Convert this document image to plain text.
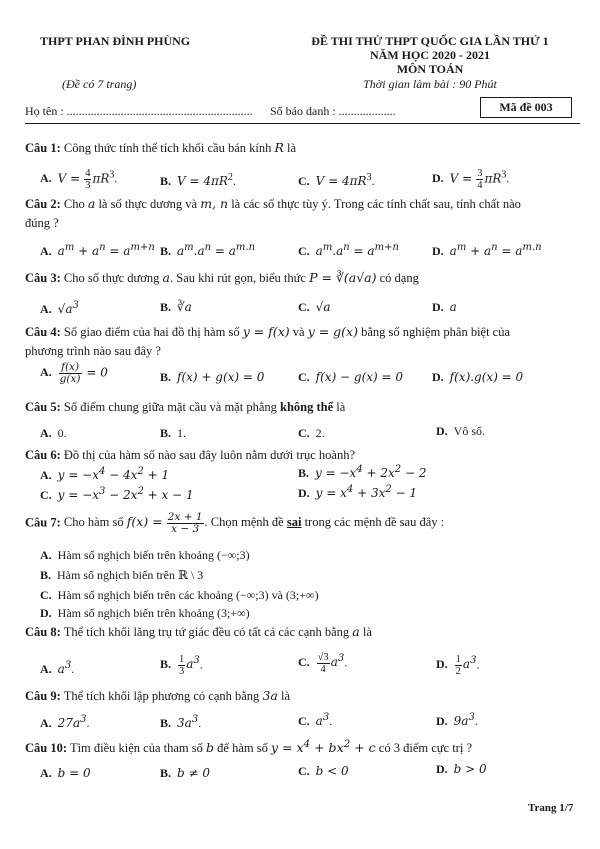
THPT PHAN ĐÌNH PHÙNG	ĐỀ THI THỬ THPT QUỐC GIA LẦN THỨ 1
NĂM HỌC 2020 - 2021
MÔN TOÁN
(Đề có 7 trang)	Thời gian làm bài : 90 Phút
Họ tên : .............................................................. Số báo danh : ...................	Mã đề 003
Câu 1: Công thức tính thể tích khối cầu bán kính R là
A. $V = \frac{4}{3} \pi R^3$.	B. $V = 4\pi R^2$.	C. $V = 4\pi R^3$.	D. $V = \frac{3}{4} \pi R^3$.
Câu 2: Cho a là số thực dương và m, n là các số thực tùy ý. Trong các tính chất sau, tính chất nào
đúng ?
A. $a^m + a^n = a^{m+n}$ B. $a^m.a^n = a^{m.n}$	C. $a^m.a^n = a^{m+n}$	D. $a^m + a^n = a^{m.n}$
Câu 3: Cho số thực dương a. Sau khi rút gọn, biểu thức P = ∛(a√a) có dạng
A. $√a^3$	B. ∛a	C. √a	D. a
Câu 4: Số giao điểm của hai đồ thị hàm số y = f(x) và y = g(x) bằng số nghiệm phân biệt của
phương trình nào sau đây ?
A. $\frac{f(x)}{g(x)} = 0$	B. f(x) + g(x) = 0	C. f(x) − g(x) = 0 D. f(x).g(x) = 0
Câu 5: Số điểm chung giữa mặt cầu và mặt phẳng không thể là
A. 0.	B. 1.	C. 2.	D. Vô số.
Câu 6: Đồ thị của hàm số nào sau đây luôn nằm dưới trục hoành?
A. $y = -x^4 - 4x^2 + 1$	B. $y = -x^4 + 2x^2 - 2$
C. $y = -x^3 - 2x^2 + x - 1$	D. $y = x^4 + 3x^2 - 1$
Câu 7: Cho hàm số $f(x) = \frac{2x + 1}{x - 3}$ . Chọn mệnh đề sai trong các mệnh đề sau đây :
A. Hàm số nghịch biến trên khoảng (−∞;3)
B. Hàm số nghịch biến trên ℝ \ 3
C. Hàm số nghịch biến trên các khoảng (−∞;3) và (3;+∞)
D. Hàm số nghịch biến trên khoảng (3;+∞)
Câu 8: Thể tích khối lăng trụ tứ giác đều có tất cả các cạnh bằng a là
A. $a^3$.	B. $\frac{1}{3} a^3$.	C. $\frac{√3}{4} a^3$.	D. $\frac{1}{2} a^3$.
Câu 9: Thể tích khối lập phương có cạnh bằng 3a là
A. $27a^3$.	B. $3a^3$.	C. $a^3$.	D. $9a^3$.
Câu 10: Tìm điều kiện của tham số b để hàm số $y = x^4 + bx^2 + c$ có 3 điểm cực trị ?
A. b = 0	B. b ≠ 0	C. b < 0	D. b > 0
Trang 1/7
